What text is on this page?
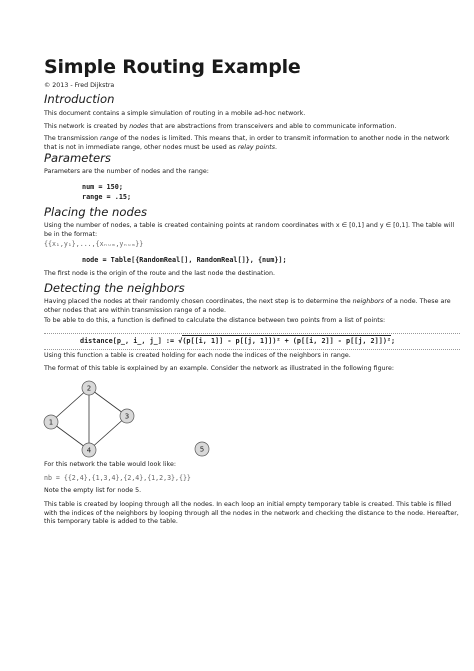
Simple Routing Example
© 2013 - Fred Dijkstra
Introduction

This document contains a simple simulation of routing in a mobile ad-hoc network.

This network is created by nodes that are abstractions from transceivers and able to communicate information.

The transmission range of the nodes is limited. This means that, in order to transmit information to another node in the network that is not in immediate range, other nodes must be used as relay points.

Parameters

Parameters are the number of nodes and the range:

num = 150;
range = .15;
Placing the nodes

Using the number of nodes, a table is created containing points at random coordinates with x ∈ [0,1] and y ∈ [0,1]. The table will be in the format:

{{x₁,y₁},...,{xₙᵤₘ,yₙᵤₘ}}
node = Table[{RandomReal[], RandomReal[]}, {num}];

The first node is the origin of the route and the last node the destination.

Detecting the neighbors

Having placed the nodes at their randomly chosen coordinates, the next step is to determine the neighbors of a node. These are other nodes that are within transmission range of a node.

To be able to do this, a function is defined to calculate the distance between two points from a list of points:

distance[p_, i_, j_] := √(p[[i, 1]] - p[[j, 1]])² + (p[[i, 2]] - p[[j, 2]])²;

Using this function a table is created holding for each node the indices of the neighbors in range.

The format of this table is explained by an example. Consider the network as illustrated in the following figure:

1
2
3
4	5

For this network the table would look like:

nb = {{2,4},{1,3,4},{2,4},{1,2,3},{}}

Note the empty list for node 5.

This table is created by looping through all the nodes. In each loop an initial empty temporary table is created. This table is filled with the indices of the neighbors by looping through all the nodes in the network and checking the distance to the node. Hereafter, this temporary table is added to the table.
